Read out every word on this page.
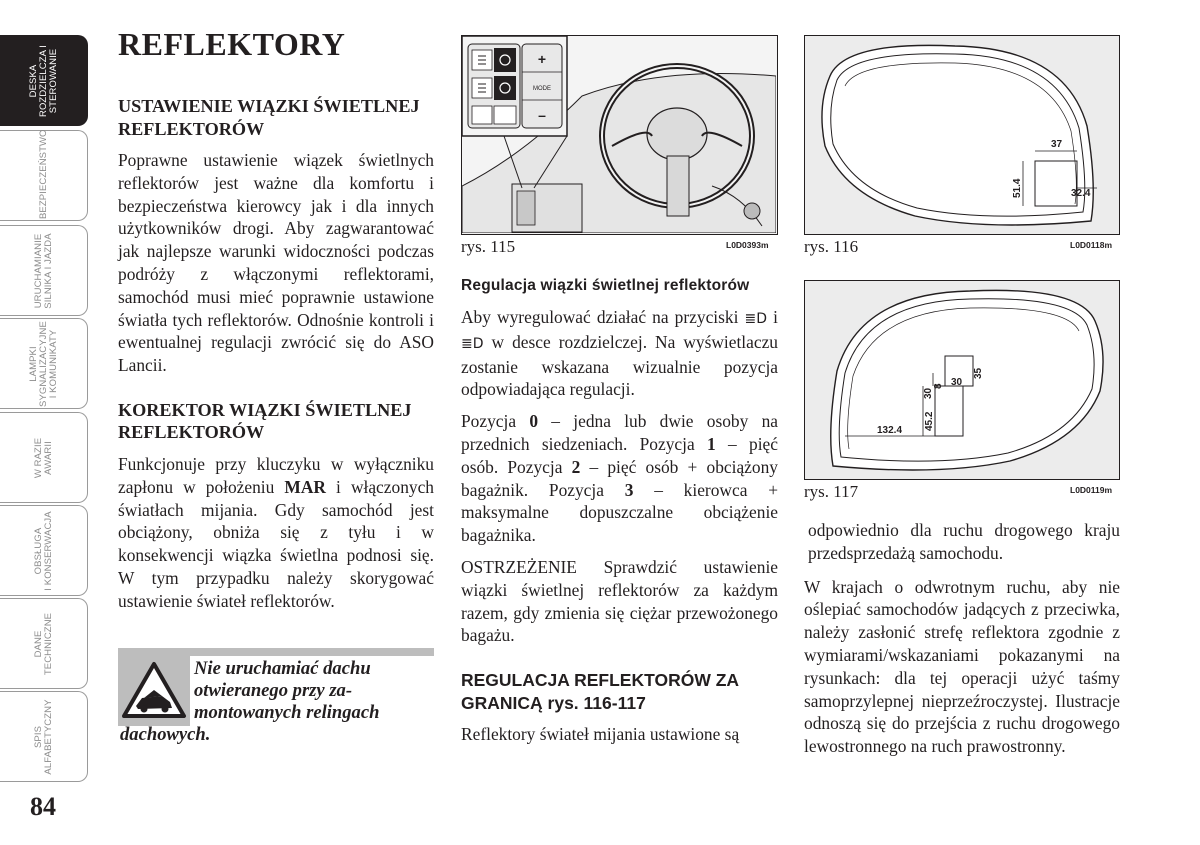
DESKA
ROZDZIELCZA I
STEROWANIE
BEZPIECZEŃSTWO
URUCHAMIANIE
SILNIKA I JAZDA
LAMPKI
SYGNALIZACYJNE
I KOMUNIKATY
W RAZIE
AWARII
OBSŁUGA
I KONSERWACJA
DANE
TECHNICZNE
SPIS
ALFABETYCZNY
84
REFLEKTORY
USTAWIENIE WIĄZKI ŚWIETLNEJ REFLEKTORÓW

Poprawne ustawienie wiązek świetlnych reflektorów jest ważne dla komfortu i bezpieczeństwa kierowcy jak i dla innych użytkowników drogi. Aby zagwarantować jak najlepsze warunki widoczności podczas podróży z włączonymi reflektorami, samochód musi mieć poprawnie ustawione światła tych reflektorów. Odnośnie kontroli i ewentualnej regulacji zwrócić się do ASO Lancii.

KOREKTOR WIĄZKI ŚWIETLNEJ REFLEKTORÓW

Funkcjonuje przy kluczyku w wyłączniku zapłonu w położeniu MAR i włączonych światłach mijania. Gdy samochód jest obciążony, obniża się z tyłu i w konsekwencji wiązka świetlna podnosi się. W tym przypadku należy skorygować ustawienie świateł reflektorów.

Nie uruchamiać dachu
otwieranego przy za-
montowanych relingach
dachowych.
+
MODE
–
rys. 115	L0D0393m
Regulacja wiązki świetlnej reflektorów

Aby wyregulować działać na przyciski ≣D i ≣D w desce rozdzielczej. Na wyświetlaczu zostanie wskazana wizualnie pozycja odpowiadająca regulacji.

Pozycja 0 – jedna lub dwie osoby na przednich siedzeniach. Pozycja 1 – pięć osób. Pozycja 2 – pięć osób + obciążony bagażnik. Pozycja 3 – kierowca + maksymalne dopuszczalne obciążenie bagażnika.

OSTRZEŻENIE Sprawdzić ustawienie wiązki świetlnej reflektorów za każdym razem, gdy zmienia się ciężar przewożonego bagażu.

REGULACJA REFLEKTORÓW ZA GRANICĄ rys. 116-117

Reflektory świateł mijania ustawione są

37
51.4	32.4
rys. 116	L0D0118m
132.4 45.2
30
8 30
35
rys. 117	L0D0119m

odpowiednio dla ruchu drogowego kraju przedsprzedażą samochodu.

W krajach o odwrotnym ruchu, aby nie oślepiać samochodów jadących z przeciwka, należy zasłonić strefę reflektora zgodnie z wymiarami/wskazaniami pokazanymi na rysunkach: dla tej operacji użyć taśmy samoprzylepnej nieprzeźroczystej. Ilustracje odnoszą się do przejścia z ruchu drogowego lewostronnego na ruch prawostronny.
